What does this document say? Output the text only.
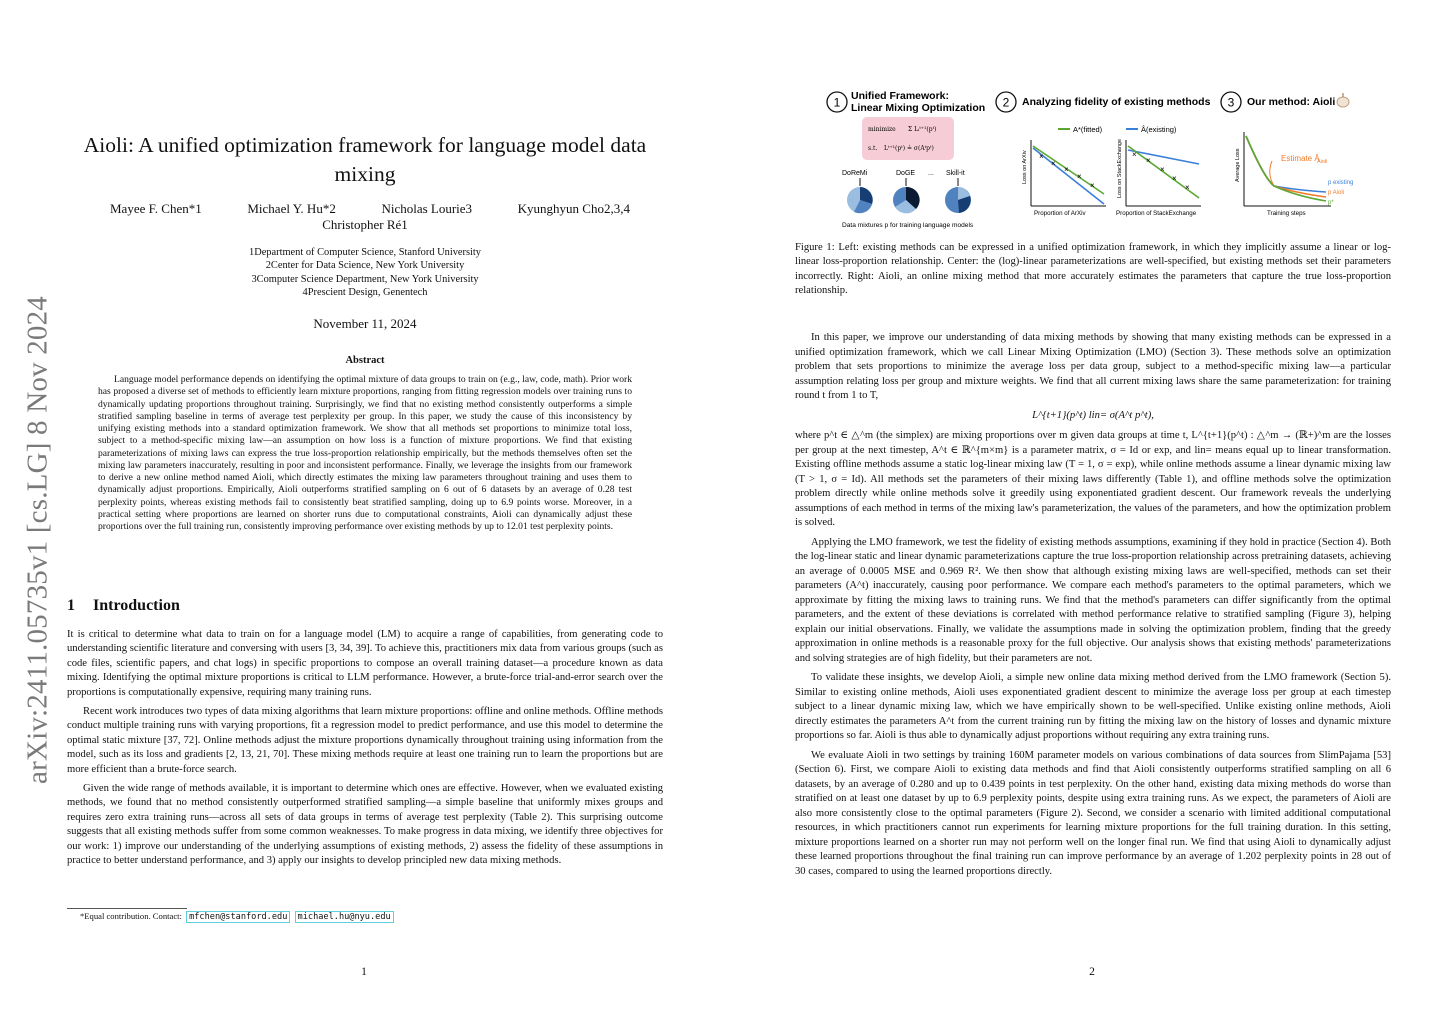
arXiv:2411.05735v1 [cs.LG] 8 Nov 2024
Aioli: A unified optimization framework for language model data mixing
Mayee F. Chen*1	Michael Y. Hu*2	Nicholas Lourie3	Kyunghyun Cho2,3,4
Christopher Ré1
1Department of Computer Science, Stanford University
2Center for Data Science, New York University
3Computer Science Department, New York University
4Prescient Design, Genentech
November 11, 2024
Abstract
Language model performance depends on identifying the optimal mixture of data groups to train on (e.g., law, code, math). Prior work has proposed a diverse set of methods to efficiently learn mixture proportions, ranging from fitting regression models over training runs to dynamically updating proportions throughout training. Surprisingly, we find that no existing method consistently outperforms a simple stratified sampling baseline in terms of average test perplexity per group. In this paper, we study the cause of this inconsistency by unifying existing methods into a standard optimization framework. We show that all methods set proportions to minimize total loss, subject to a method-specific mixing law—an assumption on how loss is a function of mixture proportions. We find that existing parameterizations of mixing laws can express the true loss-proportion relationship empirically, but the methods themselves often set the mixing law parameters inaccurately, resulting in poor and inconsistent performance. Finally, we leverage the insights from our framework to derive a new online method named Aioli, which directly estimates the mixing law parameters throughout training and uses them to dynamically adjust proportions. Empirically, Aioli outperforms stratified sampling on 6 out of 6 datasets by an average of 0.28 test perplexity points, whereas existing methods fail to consistently beat stratified sampling, doing up to 6.9 points worse. Moreover, in a practical setting where proportions are learned on shorter runs due to computational constraints, Aioli can dynamically adjust these proportions over the full training run, consistently improving performance over existing methods by up to 12.01 test perplexity points.
1 Introduction

It is critical to determine what data to train on for a language model (LM) to acquire a range of capabilities, from generating code to understanding scientific literature and conversing with users [3, 34, 39]. To achieve this, practitioners mix data from various groups (such as code files, scientific papers, and chat logs) in specific proportions to compose an overall training dataset—a procedure known as data mixing. Identifying the optimal mixture proportions is critical to LLM performance. However, a brute-force trial-and-error search over the proportions is computationally expensive, requiring many training runs.

Recent work introduces two types of data mixing algorithms that learn mixture proportions: offline and online methods. Offline methods conduct multiple training runs with varying proportions, fit a regression model to predict performance, and use this model to determine the optimal static mixture [37, 72]. Online methods adjust the mixture proportions dynamically throughout training using information from the model, such as its loss and gradients [2, 13, 21, 70]. These mixing methods require at least one training run to learn the proportions but are more efficient than a brute-force search.

Given the wide range of methods available, it is important to determine which ones are effective. However, when we evaluated existing methods, we found that no method consistently outperformed stratified sampling—a simple baseline that uniformly mixes groups and requires zero extra training runs—across all sets of data groups in terms of average test perplexity (Table 2). This surprising outcome suggests that all existing methods suffer from some common weaknesses. To make progress in data mixing, we identify three objectives for our work: 1) improve our understanding of the underlying assumptions of existing methods, 2) assess the fidelity of these assumptions in practice to better understand performance, and 3) apply our insights to develop principled new data mixing methods.

*Equal contribution. Contact: mfchen@stanford.edu michael.hu@nyu.edu
1	2
1 Unified Framework:
Linear Mixing Optimization
minimize Σ Lᵢᵗ⁺¹(pᵗ)
s.t. Lᵗ⁺¹(pᵗ) ≟ σ(Aᵗpᵗ)
DoReMi	DoGE ... Skill-it
Data mixtures p for training language models
2 Analyzing fidelity of existing methods
A*(fitted)	Â(existing)
×
×
×
×
×
Loss on ArXiv
Proportion of ArXiv
×
×
×
×
×
Loss on StackExchange
Proportion of StackExchange
3 Our method: Aioli
Estimate Â
Aioli
p existing
p Aioli
p*
Average Loss
Training steps
Figure 1: Left: existing methods can be expressed in a unified optimization framework, in which they implicitly assume a linear or log-linear loss-proportion relationship. Center: the (log)-linear parameterizations are well-specified, but existing methods set their parameters incorrectly. Right: Aioli, an online mixing method that more accurately estimates the parameters that capture the true loss-proportion relationship.

In this paper, we improve our understanding of data mixing methods by showing that many existing methods can be expressed in a unified optimization framework, which we call Linear Mixing Optimization (LMO) (Section 3). These methods solve an optimization problem that sets proportions to minimize the average loss per data group, subject to a method-specific mixing law—a particular assumption relating loss per group and mixture weights. We find that all current mixing laws share the same parameterization: for training round t from 1 to T,

L^{t+1}(p^t) lin= σ(A^t p^t),

where p^t ∈ △^m (the simplex) are mixing proportions over m given data groups at time t, L^{t+1}(p^t) : △^m → (ℝ+)^m are the losses per group at the next timestep, A^t ∈ ℝ^{m×m} is a parameter matrix, σ = Id or exp, and lin= means equal up to linear transformation. Existing offline methods assume a static log-linear mixing law (T = 1, σ = exp), while online methods assume a linear dynamic mixing law (T > 1, σ = Id). All methods set the parameters of their mixing laws differently (Table 1), and offline methods solve the optimization problem directly while online methods solve it greedily using exponentiated gradient descent. Our framework reveals the underlying assumptions of each method in terms of the mixing law's parameterization, the values of the parameters, and how the optimization problem is solved.

Applying the LMO framework, we test the fidelity of existing methods assumptions, examining if they hold in practice (Section 4). Both the log-linear static and linear dynamic parameterizations capture the true loss-proportion relationship across pretraining datasets, achieving an average of 0.0005 MSE and 0.969 R². We then show that although existing mixing laws are well-specified, methods can set their parameters (A^t) inaccurately, causing poor performance. We compare each method's parameters to the optimal parameters, which we approximate by fitting the mixing laws to training runs. We find that the method's parameters can differ significantly from the optimal parameters, and the extent of these deviations is correlated with method performance relative to stratified sampling (Figure 3), helping explain our initial observations. Finally, we validate the assumptions made in solving the optimization problem, finding that the greedy approximation in online methods is a reasonable proxy for the full objective. Our analysis shows that existing methods' parameterizations and solving strategies are of high fidelity, but their parameters are not.

To validate these insights, we develop Aioli, a simple new online data mixing method derived from the LMO framework (Section 5). Similar to existing online methods, Aioli uses exponentiated gradient descent to minimize the average loss per group at each timestep subject to a linear dynamic mixing law, which we have empirically shown to be well-specified. Unlike existing online methods, Aioli directly estimates the parameters A^t from the current training run by fitting the mixing law on the history of losses and dynamic mixture proportions so far. Aioli is thus able to dynamically adjust proportions without requiring any extra training runs.

We evaluate Aioli in two settings by training 160M parameter models on various combinations of data sources from SlimPajama [53] (Section 6). First, we compare Aioli to existing data methods and find that Aioli consistently outperforms stratified sampling on all 6 datasets, by an average of 0.280 and up to 0.439 points in test perplexity. On the other hand, existing data mixing methods do worse than stratified on at least one dataset by up to 6.9 perplexity points, despite using extra training runs. As we expect, the parameters of Aioli are also more consistently close to the optimal parameters (Figure 2). Second, we consider a scenario with limited additional computational resources, in which practitioners cannot run experiments for learning mixture proportions for the full training duration. In this setting, mixture proportions learned on a shorter run may not perform well on the longer final run. We find that using Aioli to dynamically adjust these learned proportions throughout the final training run can improve performance by an average of 1.202 perplexity points in 28 out of 30 cases, compared to using the learned proportions directly.
